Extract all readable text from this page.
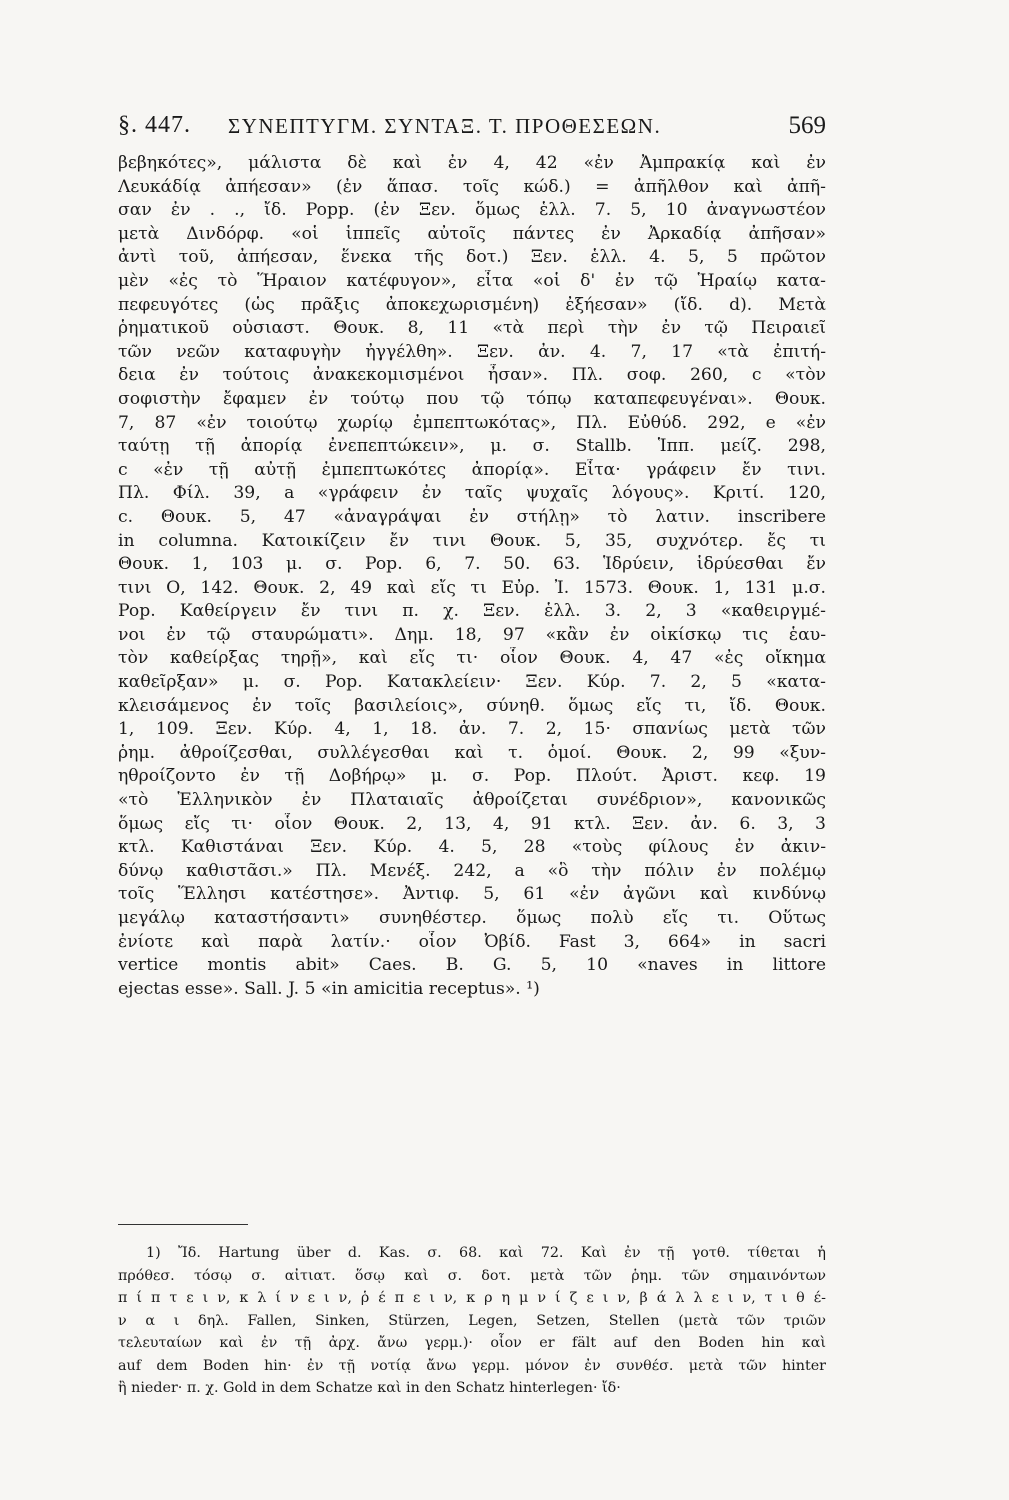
§. 447. ΣΥΝΕΠΤΥΓΜ. ΣΥΝΤΑΞ. Τ. ΠΡΟΘΕΣΕΩΝ.	569
βεβηκότες», μάλιστα δὲ καὶ ἐν 4, 42 «ἐν Ἀμπρακίᾳ καὶ ἐν
Λευκάδίᾳ ἀπήεσαν» (ἐν ἅπασ. τοῖς κώδ.) = ἀπῆλθον καὶ ἀπῆ-
σαν ἐν . ., ἴδ. Popp. (ἐν Ξεν. ὅμως ἑλλ. 7. 5, 10 ἀναγνωστέον
μετὰ Δινδόρφ. «οἱ ἱππεῖς αὐτοῖς πάντες ἐν Ἀρκαδίᾳ ἀπῆσαν»
ἀντὶ τοῦ, ἀπήεσαν, ἕνεκα τῆς δοτ.) Ξεν. ἑλλ. 4. 5, 5 πρῶτον
μὲν «ἐς τὸ Ἥραιον κατέφυγον», εἶτα «οἱ δ' ἐν τῷ Ἡραίῳ κατα-
πεφευγότες (ὡς πρᾶξις ἀποκεχωρισμένη) ἐξήεσαν» (ἴδ. d). Μετὰ
ῥηματικοῦ οὐσιαστ. Θουκ. 8, 11 «τὰ περὶ τὴν ἐν τῷ Πειραιεῖ
τῶν νεῶν καταφυγὴν ἠγγέλθη». Ξεν. ἀν. 4. 7, 17 «τὰ ἐπιτή-
δεια ἐν τούτοις ἀνακεκομισμένοι ἦσαν». Πλ. σοφ. 260, c «τὸν
σοφιστὴν ἔφαμεν ἐν τούτῳ που τῷ τόπῳ καταπεφευγέναι». Θουκ.
7, 87 «ἐν τοιούτῳ χωρίῳ ἐμπεπτωκότας», Πλ. Εὐθύδ. 292, e «ἐν
ταύτῃ τῇ ἀπορίᾳ ἐνεπεπτώκειν», μ. σ. Stallb. Ἱππ. μείζ. 298,
c «ἐν τῇ αὐτῇ ἐμπεπτωκότες ἀπορίᾳ». Εἶτα· γράφειν ἔν τινι.
Πλ. Φίλ. 39, a «γράφειν ἐν ταῖς ψυχαῖς λόγους». Κριτί. 120,
c. Θουκ. 5, 47 «ἀναγράψαι ἐν στήλῃ» τὸ λατιν. inscribere
in columna. Κατοικίζειν ἔν τινι Θουκ. 5, 35, συχνότερ. ἔς τι
Θουκ. 1, 103 μ. σ. Pop. 6, 7. 50. 63. Ἱδρύειν, ἱδρύεσθαι ἔν
τινι Ο, 142. Θουκ. 2, 49 καὶ εἴς τι Εὐρ. Ἰ. 1573. Θουκ. 1, 131 μ.σ.
Pop. Καθείργειν ἔν τινι π. χ. Ξεν. ἑλλ. 3. 2, 3 «καθειργμέ-
νοι ἐν τῷ σταυρώματι». Δημ. 18, 97 «κἂν ἐν οἰκίσκῳ τις ἑαυ-
τὸν καθείρξας τηρῇ», καὶ εἴς τι· οἷον Θουκ. 4, 47 «ἐς οἴκημα
καθεῖρξαν» μ. σ. Pop. Κατακλείειν· Ξεν. Κύρ. 7. 2, 5 «κατα-
κλεισάμενος ἐν τοῖς βασιλείοις», σύνηθ. ὅμως εἴς τι, ἴδ. Θουκ.
1, 109. Ξεν. Κύρ. 4, 1, 18. ἀν. 7. 2, 15· σπανίως μετὰ τῶν
ῥημ. ἀθροίζεσθαι, συλλέγεσθαι καὶ τ. ὁμοί. Θουκ. 2, 99 «ξυν-
ηθροίζοντο ἐν τῇ Δοβήρῳ» μ. σ. Pop. Πλούτ. Ἀριστ. κεφ. 19
«τὸ Ἑλληνικὸν ἐν Πλαταιαῖς ἀθροίζεται συνέδριον», κανονικῶς
ὅμως εἴς τι· οἷον Θουκ. 2, 13, 4, 91 κτλ. Ξεν. ἀν. 6. 3, 3
κτλ. Καθιστάναι Ξεν. Κύρ. 4. 5, 28 «τοὺς φίλους ἐν ἀκιν-
δύνῳ καθιστᾶσι.» Πλ. Μενέξ. 242, a «ὃ τὴν πόλιν ἐν πολέμῳ
τοῖς Ἕλλησι κατέστησε». Ἀντιφ. 5, 61 «ἐν ἀγῶνι καὶ κινδύνῳ
μεγάλῳ καταστήσαντι» συνηθέστερ. ὅμως πολὺ εἴς τι. Οὕτως
ἐνίοτε καὶ παρὰ λατίν.· οἷον Ὀβίδ. Fast 3, 664» in sacri
vertice montis abit» Caes. B. G. 5, 10 «naves in littore
ejectas esse». Sall. J. 5 «in amicitia receptus». ¹)
1) Ἴδ. Hartung über d. Kas. σ. 68. καὶ 72. Καὶ ἐν τῇ γοτθ. τίθεται ἡ
πρόθεσ. τόσῳ σ. αἰτιατ. ὅσῳ καὶ σ. δοτ. μετὰ τῶν ῥημ. τῶν σημαινόντων
π ί π τ ε ι ν, κ λ ί ν ε ι ν, ῥ έ π ε ι ν, κ ρ η μ ν ί ζ ε ι ν, β ά λ λ ε ι ν, τ ι θ έ-
ν α ι δηλ. Fallen, Sinken, Stürzen, Legen, Setzen, Stellen (μετὰ τῶν τριῶν
τελευταίων καὶ ἐν τῇ ἀρχ. ἄνω γερμ.)· οἷον er fält auf den Boden hin καὶ
auf dem Boden hin· ἐν τῇ νοτίᾳ ἄνω γερμ. μόνον ἐν συνθέσ. μετὰ τῶν hinter
ἢ nieder· π. χ. Gold in dem Schatze καὶ in den Schatz hinterlegen· ἴδ·
